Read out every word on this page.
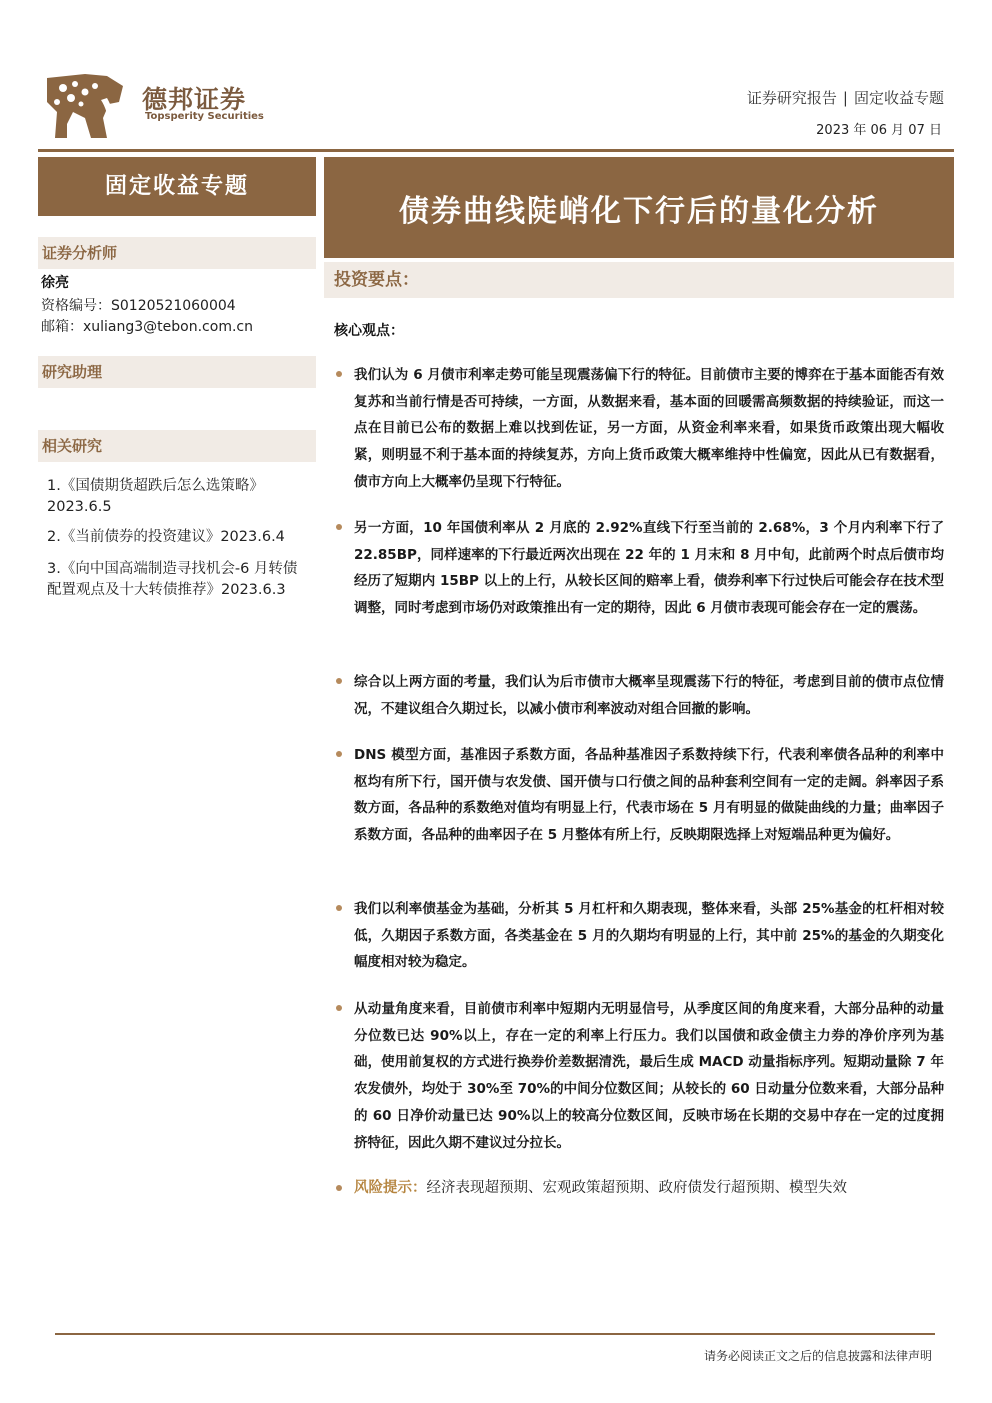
德邦证券
Topsperity Securities
证券研究报告 | 固定收益专题
2023 年 06 月 07 日
固定收益专题
证券分析师
徐亮
资格编号：S0120521060004
邮箱：xuliang3@tebon.com.cn
研究助理
相关研究
1.《国债期货超跌后怎么选策略》2023.6.5
2.《当前债券的投资建议》2023.6.4
3.《向中国高端制造寻找机会-6 月转债配置观点及十大转债推荐》2023.6.3
债券曲线陡峭化下行后的量化分析
投资要点：
核心观点：
我们认为 6 月债市利率走势可能呈现震荡偏下行的特征。目前债市主要的博弈在于基本面能否有效复苏和当前行情是否可持续，一方面，从数据来看，基本面的回暖需高频数据的持续验证，而这一点在目前已公布的数据上难以找到佐证，另一方面，从资金利率来看，如果货币政策出现大幅收紧，则明显不利于基本面的持续复苏，方向上货币政策大概率维持中性偏宽，因此从已有数据看，债市方向上大概率仍呈现下行特征。
另一方面，10 年国债利率从 2 月底的 2.92%直线下行至当前的 2.68%，3 个月内利率下行了 22.85BP，同样速率的下行最近两次出现在 22 年的 1 月末和 8 月中旬，此前两个时点后债市均经历了短期内 15BP 以上的上行，从较长区间的赔率上看，债券利率下行过快后可能会存在技术型调整，同时考虑到市场仍对政策推出有一定的期待，因此 6 月债市表现可能会存在一定的震荡。
综合以上两方面的考量，我们认为后市债市大概率呈现震荡下行的特征，考虑到目前的债市点位情况，不建议组合久期过长，以减小债市利率波动对组合回撤的影响。
DNS 模型方面，基准因子系数方面，各品种基准因子系数持续下行，代表利率债各品种的利率中枢均有所下行，国开债与农发债、国开债与口行债之间的品种套利空间有一定的走阔。斜率因子系数方面，各品种的系数绝对值均有明显上行，代表市场在 5 月有明显的做陡曲线的力量；曲率因子系数方面，各品种的曲率因子在 5 月整体有所上行，反映期限选择上对短端品种更为偏好。
我们以利率债基金为基础，分析其 5 月杠杆和久期表现，整体来看，头部 25%基金的杠杆相对较低，久期因子系数方面，各类基金在 5 月的久期均有明显的上行，其中前 25%的基金的久期变化幅度相对较为稳定。
从动量角度来看，目前债市利率中短期内无明显信号，从季度区间的角度来看，大部分品种的动量分位数已达 90%以上，存在一定的利率上行压力。我们以国债和政金债主力券的净价序列为基础，使用前复权的方式进行换券价差数据清洗，最后生成 MACD 动量指标序列。短期动量除 7 年农发债外，均处于 30%至 70%的中间分位数区间；从较长的 60 日动量分位数来看，大部分品种的 60 日净价动量已达 90%以上的较高分位数区间，反映市场在长期的交易中存在一定的过度拥挤特征，因此久期不建议过分拉长。
风险提示：经济表现超预期、宏观政策超预期、政府债发行超预期、模型失效
请务必阅读正文之后的信息披露和法律声明
